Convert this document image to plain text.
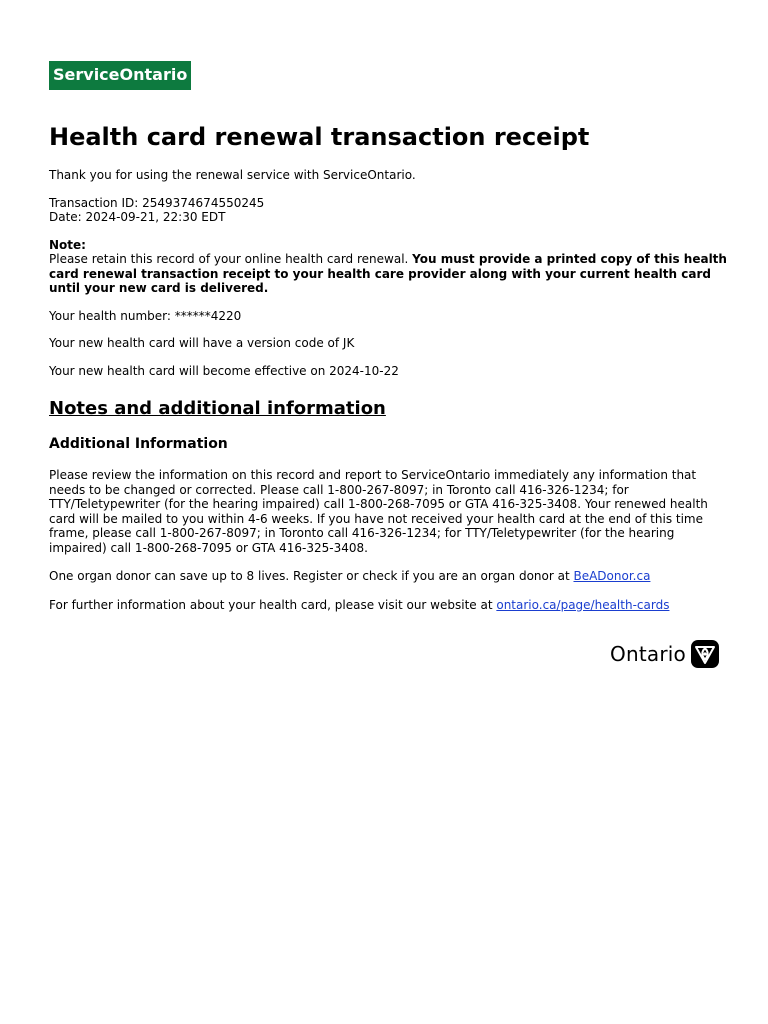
ServiceOntario
Health card renewal transaction receipt

Thank you for using the renewal service with ServiceOntario.

Transaction ID: 2549374674550245

Date: 2024-09-21, 22:30 EDT

Note:

Please retain this record of your online health card renewal. You must provide a printed copy of this health card renewal transaction receipt to your health care provider along with your current health card until your new card is delivered.

Your health number: ******4220

Your new health card will have a version code of JK

Your new health card will become effective on 2024-10-22

Notes and additional information
Additional Information

Please review the information on this record and report to ServiceOntario immediately any information that needs to be changed or corrected. Please call 1-800-267-8097; in Toronto call 416-326-1234; for TTY/Teletypewriter (for the hearing impaired) call 1-800-268-7095 or GTA 416-325-3408. Your renewed health card will be mailed to you within 4-6 weeks. If you have not received your health card at the end of this time frame, please call 1-800-267-8097; in Toronto call 416-326-1234; for TTY/Teletypewriter (for the hearing impaired) call 1-800-268-7095 or GTA 416-325-3408.

One organ donor can save up to 8 lives. Register or check if you are an organ donor at BeADonor.ca

For further information about your health card, please visit our website at ontario.ca/page/health-cards

Ontario
